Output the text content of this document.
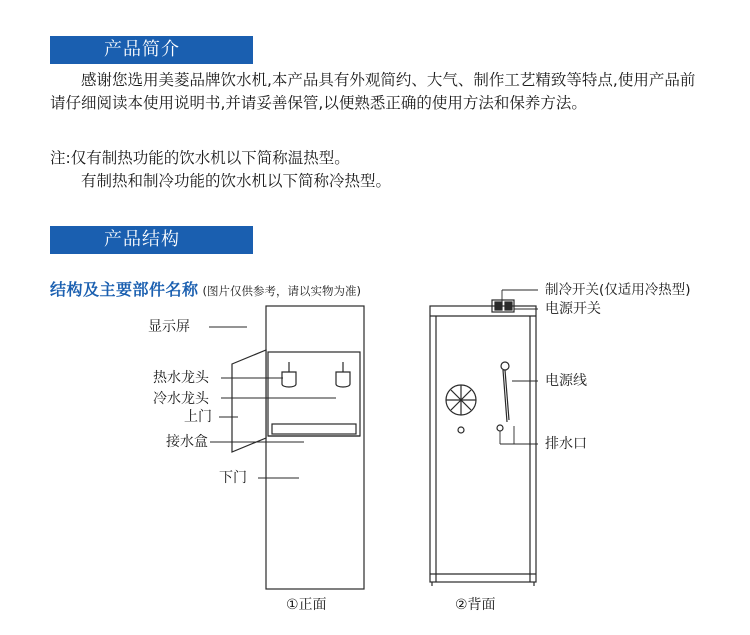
产品简介

感谢您选用美菱品牌饮水机,本产品具有外观简约、大气、制作工艺精致等特点,使用产品前请仔细阅读本使用说明书,并请妥善保管,以便熟悉正确的使用方法和保养方法。

注:仅有制热功能的饮水机以下简称温热型。

有制热和制冷功能的饮水机以下简称冷热型。

产品结构
结构及主要部件名称 (图片仅供参考，请以实物为准)
显示屏
热水龙头
冷水龙头
上门
接水盒
下门
①正面
制冷开关(仅适用冷热型)
电源开关
电源线
排水口
②背面
